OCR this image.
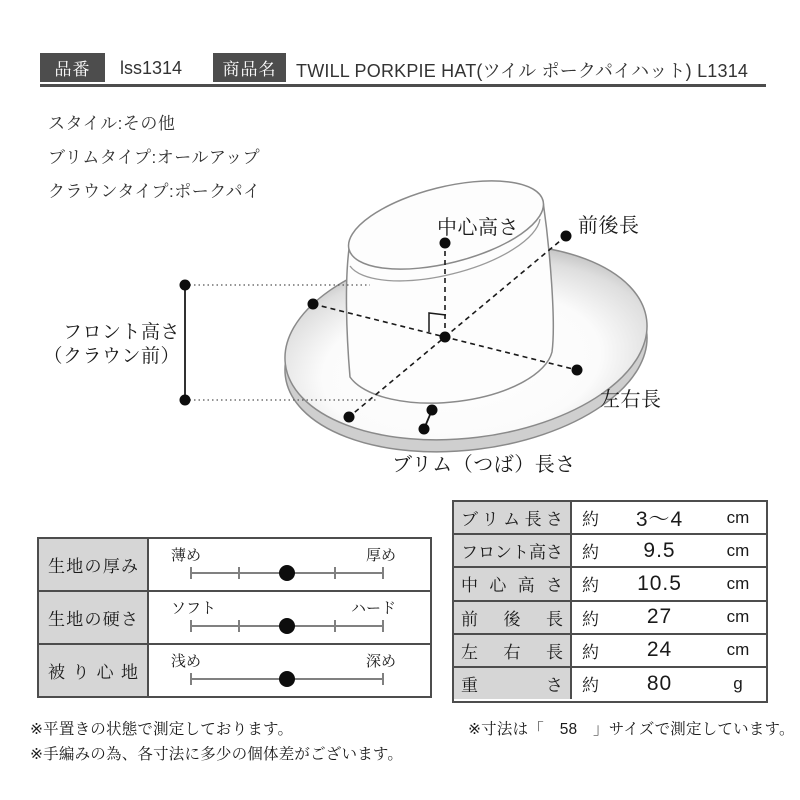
品番	lss1314	商品名	TWILL PORKPIE HAT(ツイル ポークパイハット) L1314
スタイル:その他
ブリムタイプ:オールアップ
クラウンタイプ:ポークパイ
中心高さ	前後長
フロント高さ
（クラウン前）
左右長
ブリム（つば）長さ
生地の厚み
薄め	厚め
生地の硬さ
ソフト	ハード
被り心地
浅め	深め
ブリム長さ 約	3～4	cm
フロント高さ 約	9.5	cm
中心高さ 約	10.5	cm
前後長 約	27	cm
左右長 約	24	cm
重さ 約	80	g
※平置きの状態で測定しております。
※手編みの為、各寸法に多少の個体差がございます。
※寸法は「　58　」サイズで測定しています。
